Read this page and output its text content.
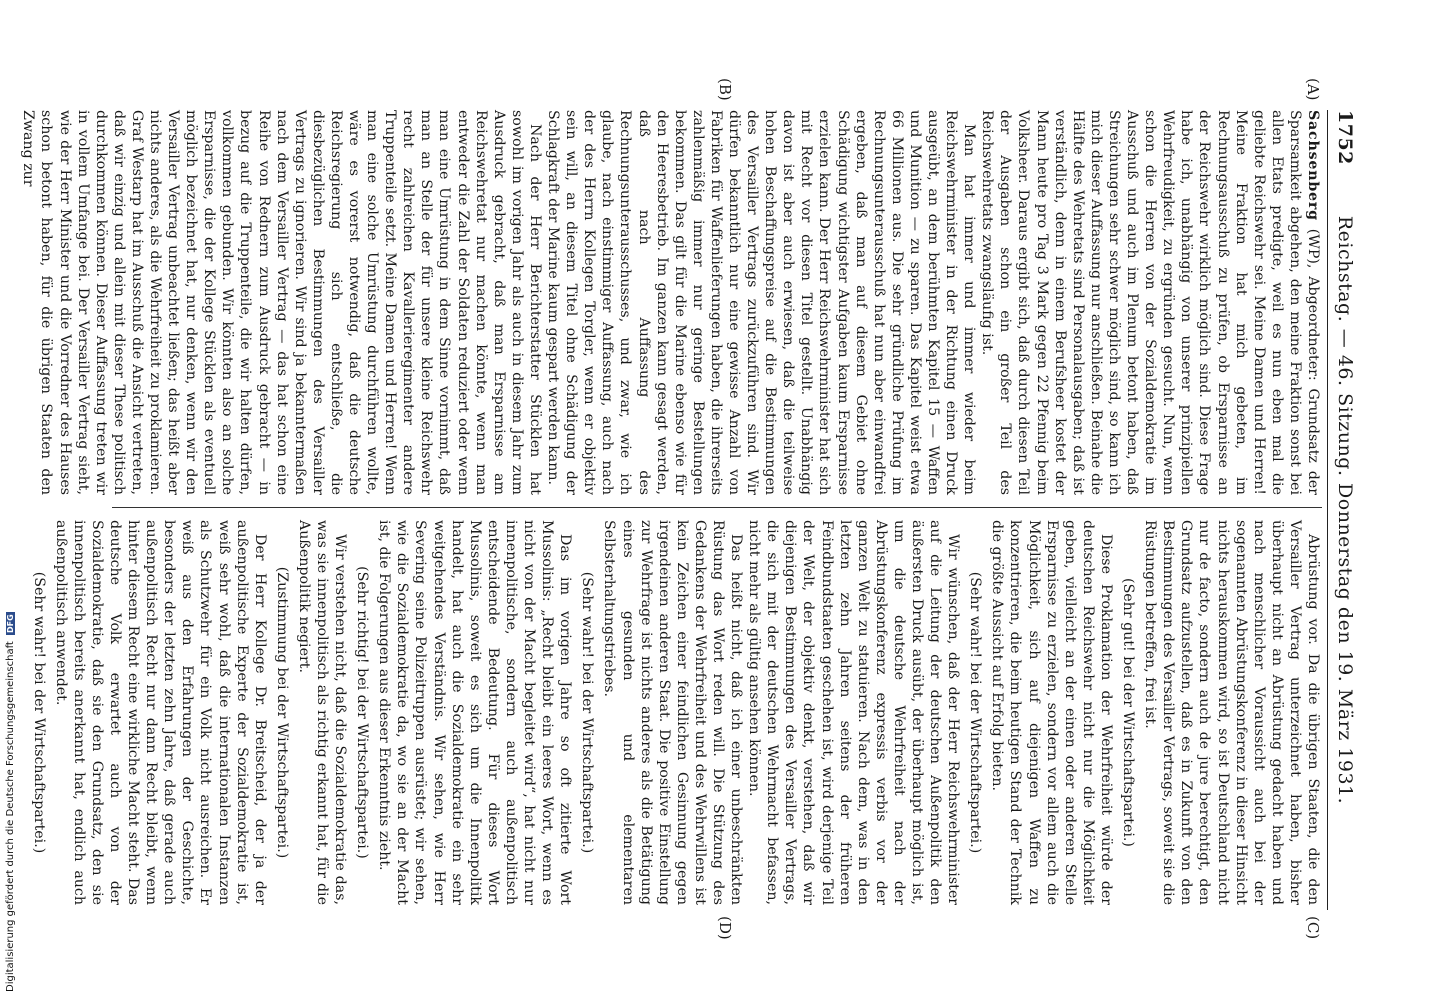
1752
Reichstag. — 46. Sitzung. Donnerstag den 19. März 1931.
(A)
(B)
(C)
(D)

Sachsenberg (WP), Abgeordneter: Grundsatz der Sparsamkeit abgehen, den meine Fraktion sonst bei allen Etats predigte, weil es nun eben mal die geliebte Reichswehr sei. Meine Damen und Herren! Meine Fraktion hat mich gebeten, im Rechnungsausschuß zu prüfen, ob Ersparnisse an der Reichswehr wirklich möglich sind. Diese Frage habe ich, unabhängig von unserer prinzipiellen Wehrfreudigkeit, zu ergründen gesucht. Nun, wenn schon die Herren von der Sozialdemokratie im Ausschuß und auch im Plenum betont haben, daß Streichungen sehr schwer möglich sind, so kann ich mich dieser Auffassung nur anschließen. Beinahe die Hälfte des Wehretats sind Personalausgaben; daß ist verständlich, denn in einem Berufsheer kostet der Mann heute pro Tag 3 Mark gegen 22 Pfennig beim Volksheer. Daraus ergibt sich, daß durch diesen Teil der Ausgaben schon ein großer Teil des Reichswehretats zwangsläufig ist.

Man hat immer und immer wieder beim Reichswehrminister in der Richtung einen Druck ausgeübt, an dem berühmten Kapitel 15 — Waffen und Munition — zu sparen. Das Kapitel weist etwa 66 Millionen aus. Die sehr gründliche Prüfung im Rechnungsunterausschuß hat nun aber einwandfrei ergeben, daß man auf diesem Gebiet ohne Schädigung wichtigster Aufgaben kaum Ersparnisse erzielen kann. Der Herr Reichswehrminister hat sich mit Recht vor diesen Titel gestellt. Unabhängig davon ist aber auch erwiesen, daß die teilweise hohen Beschaffungspreise auf die Bestimmungen des Versailler Vertrags zurückzuführen sind. Wir dürfen bekanntlich nur eine gewisse Anzahl von Fabriken für Waffenlieferungen haben, die ihrerseits zahlenmäßig immer nur geringe Bestellungen bekommen. Das gilt für die Marine ebenso wie für den Heeresbetrieb. Im ganzen kann gesagt werden, daß nach Auffassung des Rechnungsunterausschusses, und zwar, wie ich glaube, nach einstimmiger Auffassung, auch nach der des Herrn Kollegen Torgler, wenn er objektiv sein will, an diesem Titel ohne Schädigung der Schlagkraft der Marine kaum gespart werden kann.

Nach der Herr Berichterstatter Stücklen hat sowohl im vorigen Jahr als auch in diesem Jahr zum Ausdruck gebracht, daß man Ersparnisse am Reichswehretat nur machen könnte, wenn man entweder die Zahl der Soldaten reduziert oder wenn man eine Umrüstung in dem Sinne vornimmt, daß man an Stelle der für unsere kleine Reichswehr recht zahlreichen Kavallerieregimenter andere Truppenteile setzt. Meine Damen und Herren! Wenn man eine solche Umrüstung durchführen wollte, wäre es vorerst notwendig, daß die deutsche Reichsregierung sich entschließe, die diesbezüglichen Bestimmungen des Versailler Vertrags zu ignorieren. Wir sind ja bekanntermaßen nach dem Versailler Vertrag — das hat schon eine Reihe von Rednern zum Ausdruck gebracht — in bezug auf die Truppenteile, die wir halten dürfen, vollkommen gebunden. Wir könnten also an solche Ersparnisse, die der Kollege Stücklen als eventuell möglich bezeichnet hat, nur denken, wenn wir den Versailler Vertrag unbeachtet ließen; das heißt aber nichts anderes, als die Wehrfreiheit zu proklamieren. Graf Westarp hat im Ausschuß die Ansicht vertreten, daß wir einzig und allein mit dieser These politisch durchkommen können. Dieser Auffassung treten wir in vollem Umfange bei. Der Versailler Vertrag sieht, wie der Herr Minister und die Vorredner des Hauses schon betont haben, für die übrigen Staaten den Zwang zur

Abrüstung vor. Da die übrigen Staaten, die den Versailler Vertrag unterzeichnet haben, bisher überhaupt nicht an Abrüstung gedacht haben und nach menschlicher Voraussicht auch bei der sogenannten Abrüstungskonferenz in dieser Hinsicht nichts herauskommen wird, so ist Deutschland nicht nur de facto, sondern auch de jure berechtigt, den Grundsatz aufzustellen, daß es in Zukunft von den Bestimmungen des Versailler Vertrags, soweit sie die Rüstungen betreffen, frei ist.

(Sehr gut! bei der Wirtschaftspartei.)

Diese Proklamation der Wehrfreiheit würde der deutschen Reichswehr nicht nur die Möglichkeit geben, vielleicht an der einen oder anderen Stelle Ersparnisse zu erzielen, sondern vor allem auch die Möglichkeit, sich auf diejenigen Waffen zu konzentrieren, die beim heutigen Stand der Technik die größte Aussicht auf Erfolg bieten.

(Sehr wahr! bei der Wirtschaftspartei.)

Wir wünschen, daß der Herr Reichswehrminister auf die Leitung der deutschen Außenpolitik den äußersten Druck ausübt, der überhaupt möglich ist, um die deutsche Wehrfreiheit nach der Abrüstungskonferenz expressis verbis vor der ganzen Welt zu statuieren. Nach dem, was in den letzten zehn Jahren seitens der früheren Feindbundstaaten geschehen ist, wird derjenige Teil der Welt, der objektiv denkt, verstehen, daß wir diejenigen Bestimmungen des Versailler Vertrags, die sich mit der deutschen Wehrmacht befassen, nicht mehr als gültig ansehen können.

Das heißt nicht, daß ich einer unbeschränkten Rüstung das Wort reden will. Die Stützung des Gedankens der Wehrfreiheit und des Wehrwillens ist kein Zeichen einer feindlichen Gesinnung gegen irgendeinen anderen Staat. Die positive Einstellung zur Wehrfrage ist nichts anderes als die Betätigung eines gesunden und elementaren Selbsterhaltungstriebes.

(Sehr wahr! bei der Wirtschaftspartei.)

Das im vorigen Jahre so oft zitierte Wort Mussolinis: „Recht bleibt ein leeres Wort, wenn es nicht von der Macht begleitet wird“, hat nicht nur innenpolitische, sondern auch außenpolitisch entscheidende Bedeutung. Für dieses Wort Mussolinis, soweit es sich um die Innenpolitik handelt, hat auch die Sozialdemokratie ein sehr weitgehendes Verständnis. Wir sehen, wie Herr Severing seine Polizeitruppen ausrüstet; wir sehen, wie die Sozialdemokratie da, wo sie an der Macht ist, die Folgerungen aus dieser Erkenntnis zieht.

(Sehr richtig! bei der Wirtschaftspartei.)

Wir verstehen nicht, daß die Sozialdemokratie das, was sie innenpolitisch als richtig erkannt hat, für die Außenpolitik negiert.

(Zustimmung bei der Wirtschaftspartei.)

Der Herr Kollege Dr. Breitscheid, der ja der außenpolitische Experte der Sozialdemokratie ist, weiß sehr wohl, daß die internationalen Instanzen als Schutzwehr für ein Volk nicht ausreichen. Er weiß aus den Erfahrungen der Geschichte, besonders der letzten zehn Jahre, daß gerade auch außenpolitisch Recht nur dann Recht bleibt, wenn hinter diesem Recht eine wirkliche Macht steht. Das deutsche Volk erwartet auch von der Sozialdemokratie, daß sie den Grundsatz, den sie innenpolitisch bereits anerkannt hat, endlich auch außenpolitisch anwendet.

(Sehr wahr! bei der Wirtschaftspartei.)

Digitalisierung gefördert durch die Deutsche Forschungsgemeinschaft DFG
